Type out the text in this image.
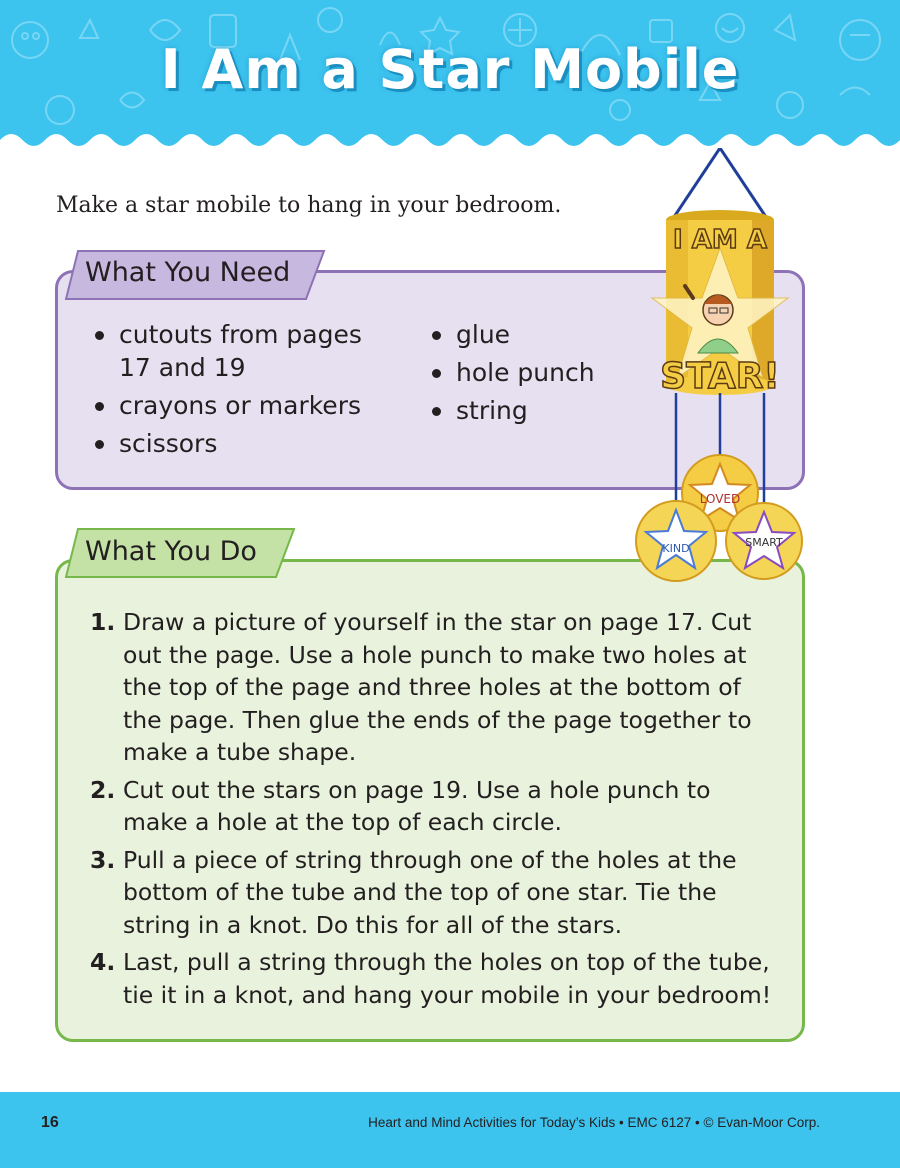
I Am a Star Mobile
Make a star mobile to hang in your bedroom.
What You Need
cutouts from pages 17 and 19
crayons or markers
scissors
glue
hole punch
string
What You Do
1. Draw a picture of yourself in the star on page 17. Cut out the page. Use a hole punch to make two holes at the top of the page and three holes at the bottom of the page. Then glue the ends of the page together to make a tube shape.
2. Cut out the stars on page 19. Use a hole punch to make a hole at the top of each circle.
3. Pull a piece of string through one of the holes at the bottom of the tube and the top of one star. Tie the string in a knot. Do this for all of the stars.
4. Last, pull a string through the holes on top of the tube, tie it in a knot, and hang your mobile in your bedroom!
I AM A
STAR!
LOVED
KIND	SMART
16	Heart and Mind Activities for Today’s Kids • EMC 6127 • © Evan-Moor Corp.
